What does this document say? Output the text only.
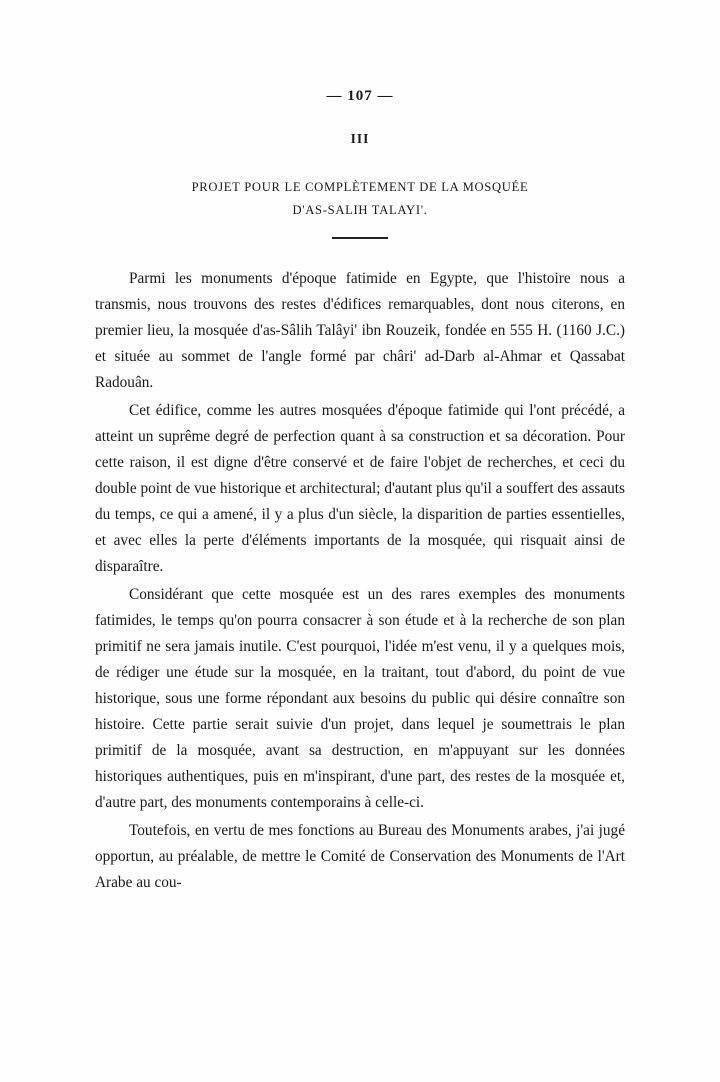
— 107 —
III
PROJET POUR LE COMPLÈTEMENT DE LA MOSQUÉE
D'AS-SALIH TALAYI'.

Parmi les monuments d'époque fatimide en Egypte, que l'histoire nous a transmis, nous trouvons des restes d'édifices remarquables, dont nous citerons, en premier lieu, la mosquée d'as-Sâlih Talâyi' ibn Rouzeik, fondée en 555 H. (1160 J.C.) et située au sommet de l'angle formé par châri' ad-Darb al-Ahmar et Qassabat Radouân.

Cet édifice, comme les autres mosquées d'époque fatimide qui l'ont précédé, a atteint un suprême degré de perfection quant à sa construction et sa décoration. Pour cette raison, il est digne d'être conservé et de faire l'objet de recherches, et ceci du double point de vue historique et architectural; d'autant plus qu'il a souffert des assauts du temps, ce qui a amené, il y a plus d'un siècle, la disparition de parties essentielles, et avec elles la perte d'éléments importants de la mosquée, qui risquait ainsi de disparaître.

Considérant que cette mosquée est un des rares exemples des monuments fatimides, le temps qu'on pourra consacrer à son étude et à la recherche de son plan primitif ne sera jamais inutile. C'est pourquoi, l'idée m'est venu, il y a quelques mois, de rédiger une étude sur la mosquée, en la traitant, tout d'abord, du point de vue historique, sous une forme répondant aux besoins du public qui désire connaître son histoire. Cette partie serait suivie d'un projet, dans lequel je soumettrais le plan primitif de la mosquée, avant sa destruction, en m'appuyant sur les données historiques authentiques, puis en m'inspirant, d'une part, des restes de la mosquée et, d'autre part, des monuments contemporains à celle-ci.

Toutefois, en vertu de mes fonctions au Bureau des Monuments arabes, j'ai jugé opportun, au préalable, de mettre le Comité de Conservation des Monuments de l'Art Arabe au cou-
